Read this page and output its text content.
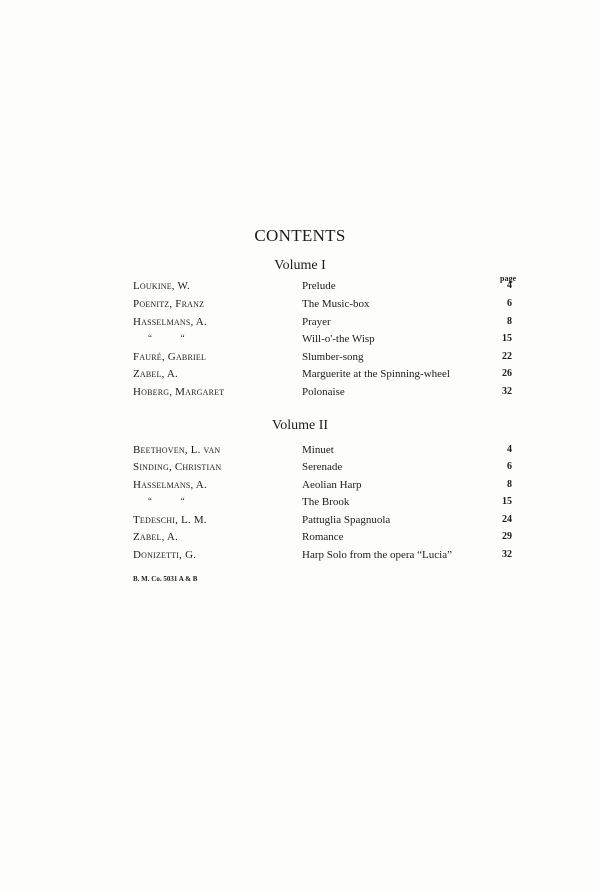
CONTENTS
Volume I
page
Loukine, W.	Prelude	4
Poenitz, Franz	The Music-box	6
Hasselmans, A.	Prayer	8
“ “	Will-o'-the Wisp	15
Fauré, Gabriel	Slumber-song	22
Zabel, A.	Marguerite at the Spinning-wheel	26
Hoberg, Margaret	Polonaise	32
Volume II
Beethoven, L. van	Minuet	4
Sinding, Christian	Serenade	6
Hasselmans, A.	Aeolian Harp	8
“ “	The Brook	15
Tedeschi, L. M.	Pattuglia Spagnuola	24
Zabel, A.	Romance	29
Donizetti, G.	Harp Solo from the opera “Lucia”	32
B. M. Co. 5031 A & B
